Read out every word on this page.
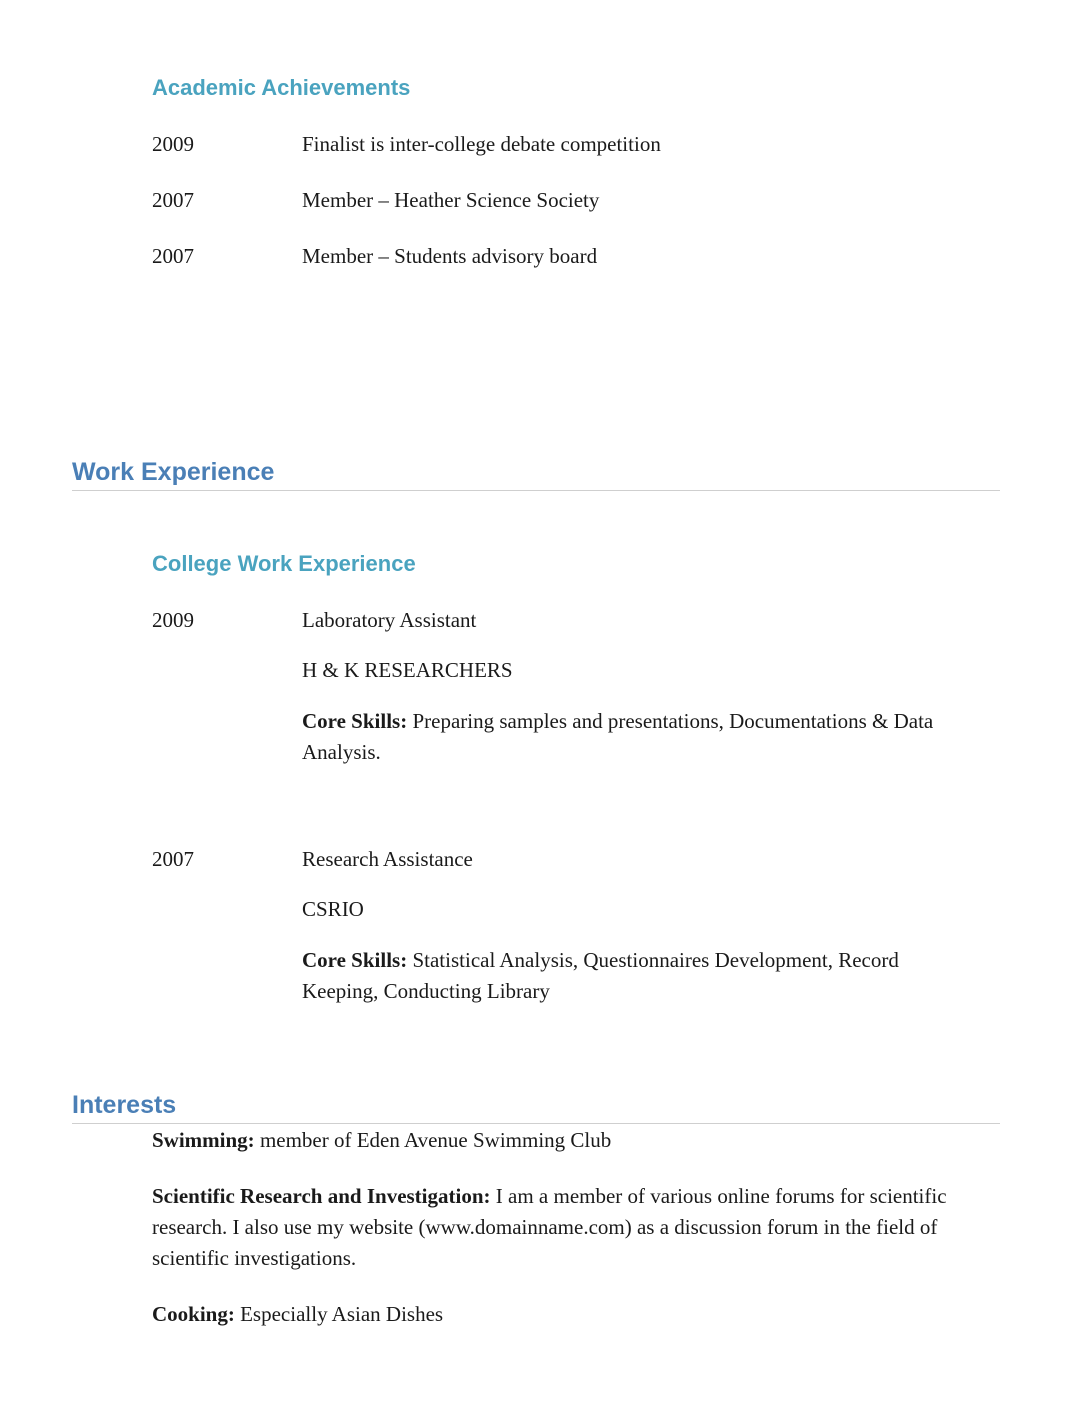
Academic Achievements
2009	Finalist is inter-college debate competition
2007	Member – Heather Science Society
2007	Member – Students advisory board
Work Experience
College Work Experience
2009	Laboratory Assistant
H & K RESEARCHERS
Core Skills: Preparing samples and presentations, Documentations & Data Analysis.
2007	Research Assistance
CSRIO
Core Skills: Statistical Analysis, Questionnaires Development, Record Keeping, Conducting Library
Interests
Swimming: member of Eden Avenue Swimming Club
Scientific Research and Investigation: I am a member of various online forums for scientific research. I also use my website (www.domainname.com) as a discussion forum in the field of scientific investigations.
Cooking: Especially Asian Dishes
